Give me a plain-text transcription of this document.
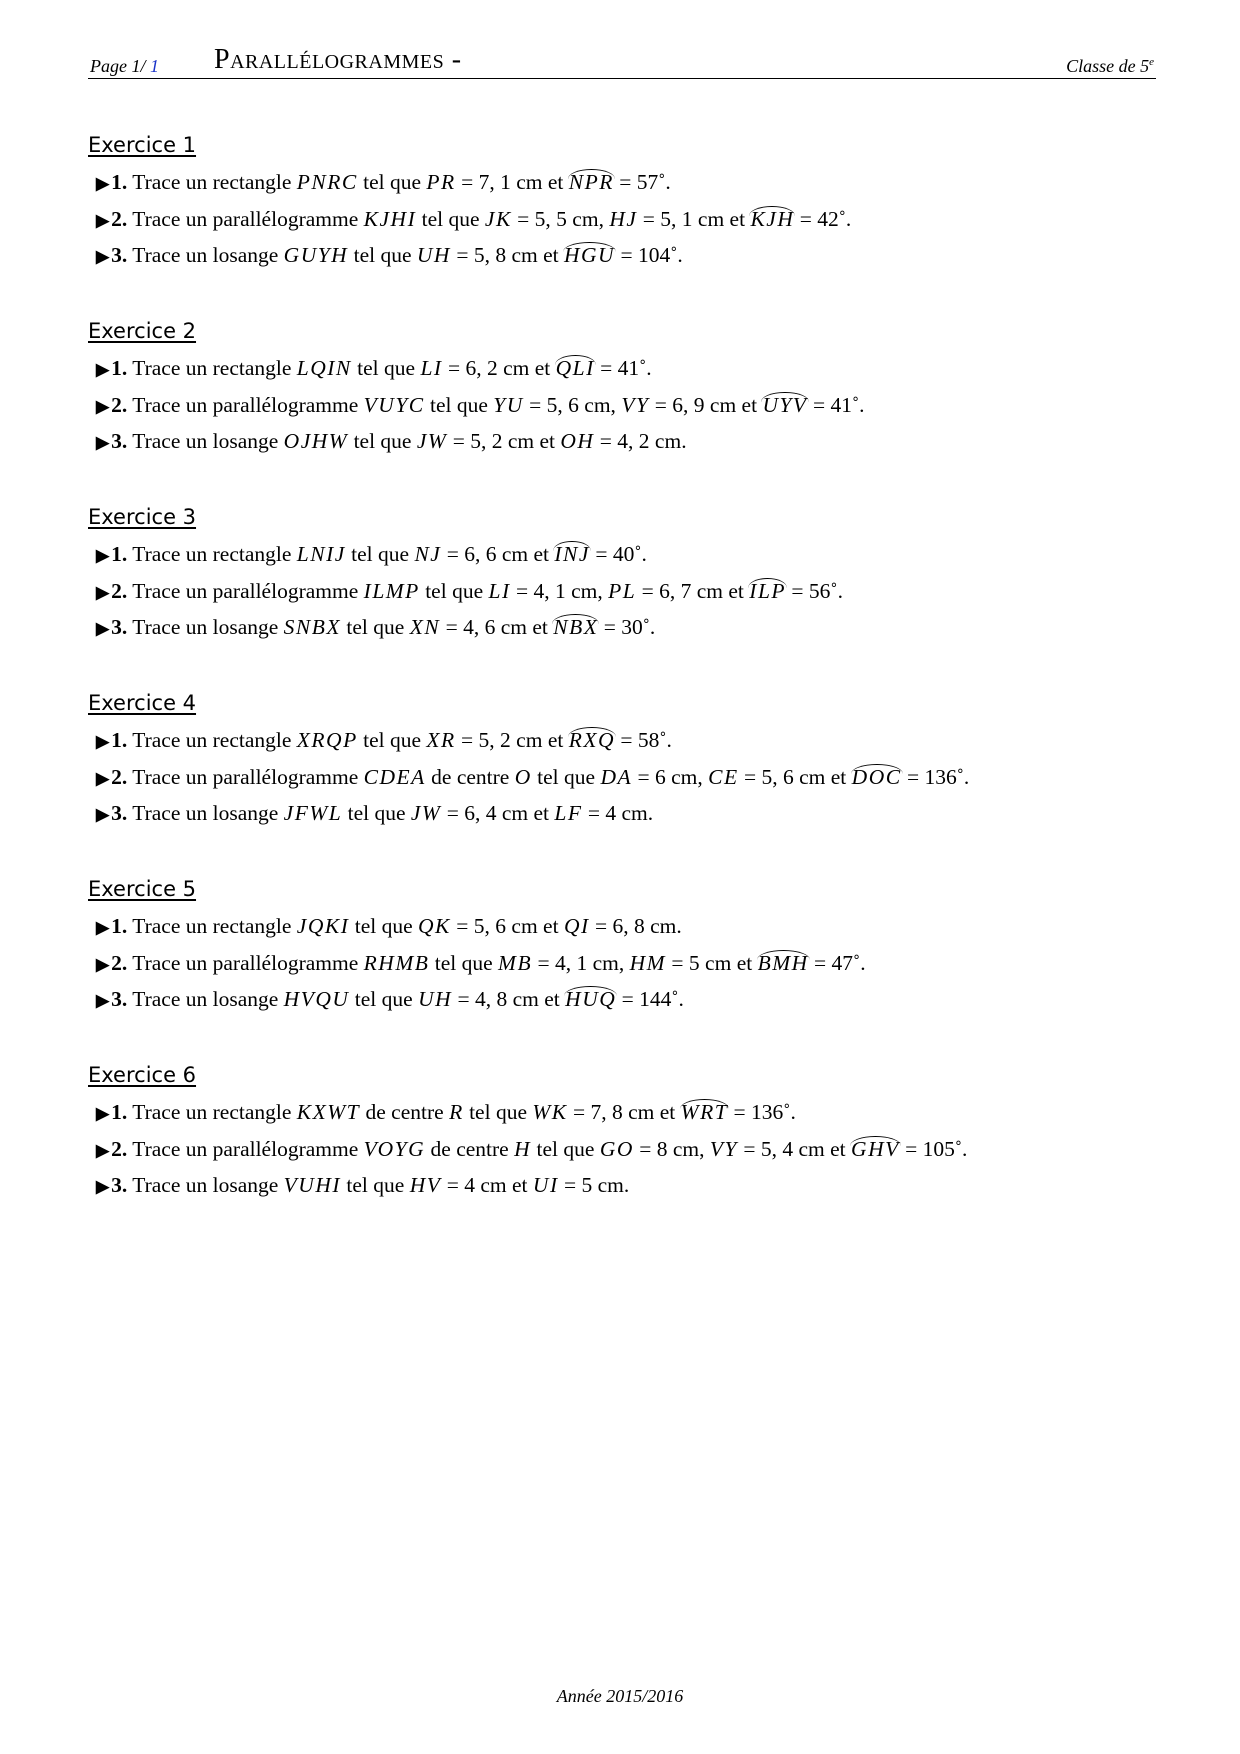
Page 1/ 1 Parallélogrammes -	Classe de 5e
Exercice 1
▶ 1. Trace un rectangle PNRC tel que PR = 7, 1 cm et NPR = 57˚.
▶ 2. Trace un parallélogramme KJHI tel que JK = 5, 5 cm, HJ = 5, 1 cm et KJH = 42˚.
▶ 3. Trace un losange GUYH tel que UH = 5, 8 cm et HGU = 104˚.
Exercice 2
▶ 1. Trace un rectangle LQIN tel que LI = 6, 2 cm et QLI = 41˚.
▶ 2. Trace un parallélogramme VUYC tel que YU = 5, 6 cm, VY = 6, 9 cm et UYV = 41˚.
▶ 3. Trace un losange OJHW tel que JW = 5, 2 cm et OH = 4, 2 cm.
Exercice 3
▶ 1. Trace un rectangle LNIJ tel que NJ = 6, 6 cm et INJ = 40˚.
▶ 2. Trace un parallélogramme ILMP tel que LI = 4, 1 cm, PL = 6, 7 cm et ILP = 56˚.
▶ 3. Trace un losange SNBX tel que XN = 4, 6 cm et NBX = 30˚.
Exercice 4
▶ 1. Trace un rectangle XRQP tel que XR = 5, 2 cm et RXQ = 58˚.
▶ 2. Trace un parallélogramme CDEA de centre O tel que DA = 6 cm, CE = 5, 6 cm et DOC = 136˚.
▶ 3. Trace un losange JFWL tel que JW = 6, 4 cm et LF = 4 cm.
Exercice 5
▶ 1. Trace un rectangle JQKI tel que QK = 5, 6 cm et QI = 6, 8 cm.
▶ 2. Trace un parallélogramme RHMB tel que MB = 4, 1 cm, HM = 5 cm et BMH = 47˚.
▶ 3. Trace un losange HVQU tel que UH = 4, 8 cm et HUQ = 144˚.
Exercice 6
▶ 1. Trace un rectangle KXWT de centre R tel que WK = 7, 8 cm et WRT = 136˚.
▶ 2. Trace un parallélogramme VOYG de centre H tel que GO = 8 cm, VY = 5, 4 cm et GHV = 105˚.
▶ 3. Trace un losange VUHI tel que HV = 4 cm et UI = 5 cm.
Année 2015/2016
